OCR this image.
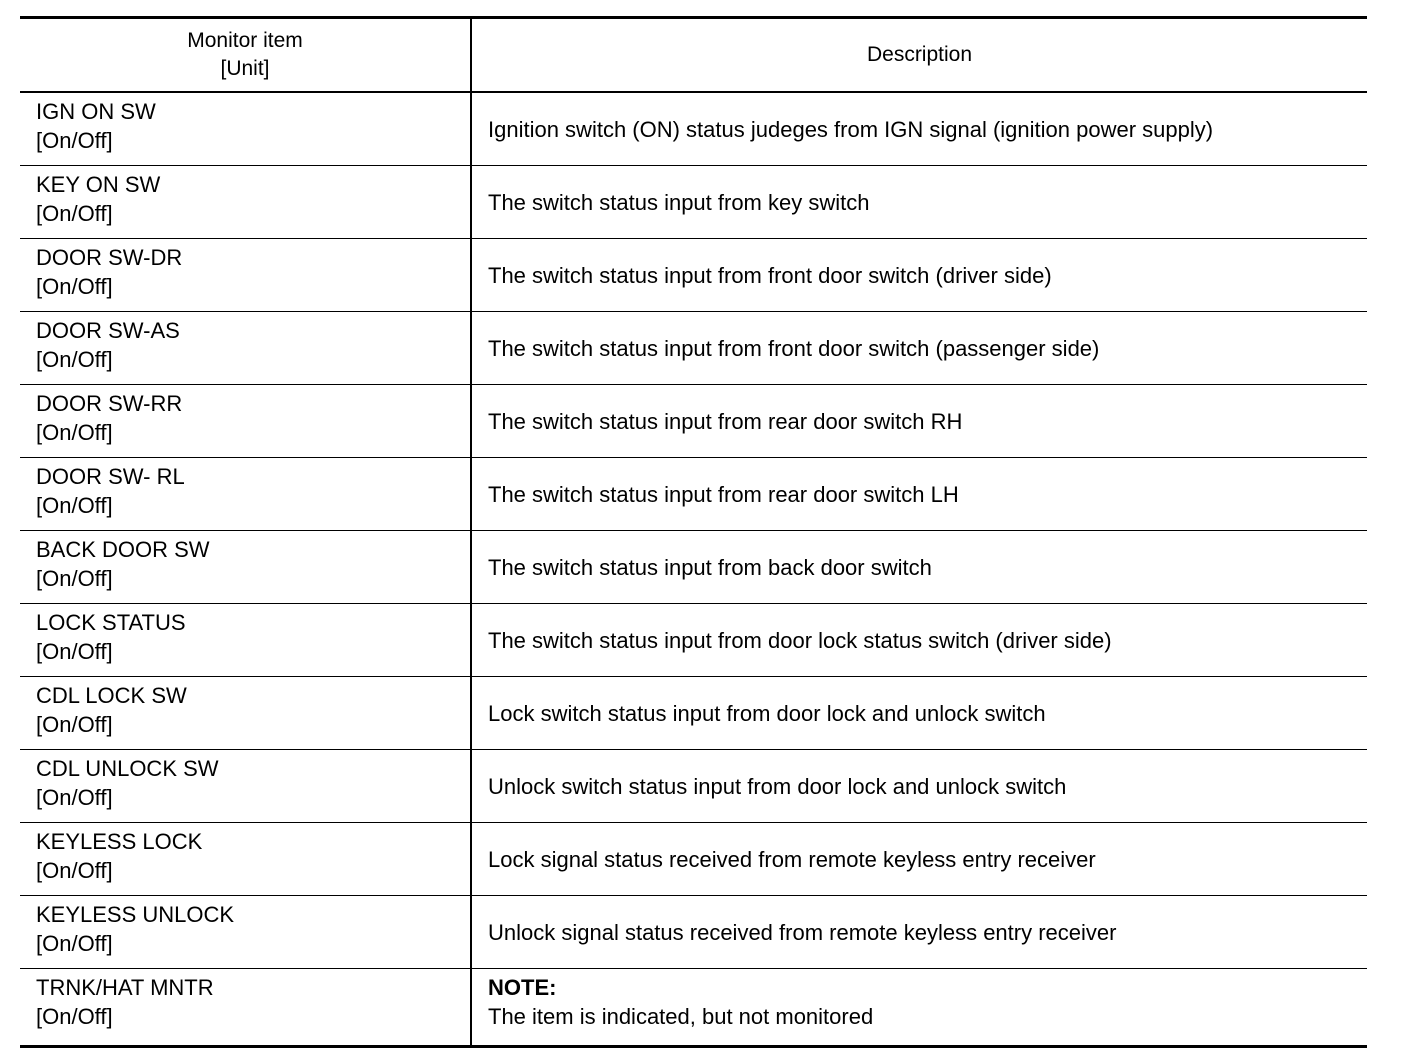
Monitor item
[Unit]	Description

IGN ON SW
[On/Off]	Ignition switch (ON) status judeges from IGN signal (ignition power supply)

KEY ON SW
[On/Off]	The switch status input from key switch

DOOR SW-DR
[On/Off]	The switch status input from front door switch (driver side)

DOOR SW-AS
[On/Off]	The switch status input from front door switch (passenger side)

DOOR SW-RR
[On/Off]	The switch status input from rear door switch RH

DOOR SW- RL
[On/Off]	The switch status input from rear door switch LH

BACK DOOR SW
[On/Off]	The switch status input from back door switch

LOCK STATUS
[On/Off]	The switch status input from door lock status switch (driver side)

CDL LOCK SW
[On/Off]	Lock switch status input from door lock and unlock switch

CDL UNLOCK SW
[On/Off]	Unlock switch status input from door lock and unlock switch

KEYLESS LOCK
[On/Off]	Lock signal status received from remote keyless entry receiver

KEYLESS UNLOCK
[On/Off]	Unlock signal status received from remote keyless entry receiver

TRNK/HAT MNTR
[On/Off]	NOTE:
The item is indicated, but not monitored
